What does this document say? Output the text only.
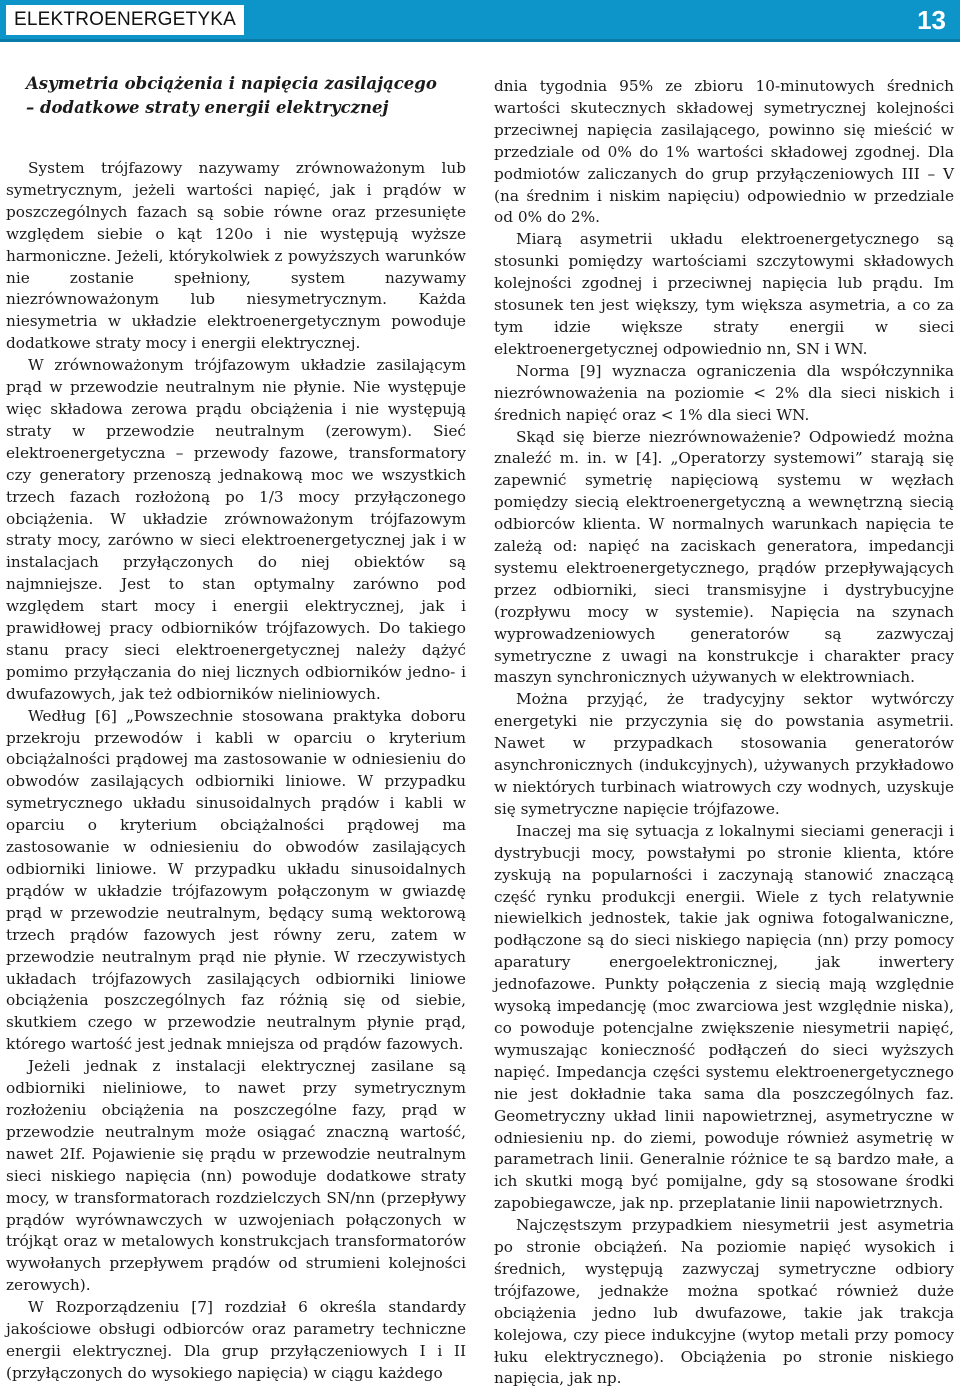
ELEKTROENERGETYKA	13
Asymetria obciążenia i napięcia zasilającego
– dodatkowe straty energii elektrycznej

System trójfazowy nazywamy zrównoważonym lub symetrycznym, jeżeli wartości napięć, jak i prądów w poszczególnych fazach są sobie równe oraz przesunięte względem siebie o kąt 120o i nie występują wyższe harmoniczne. Jeżeli, którykolwiek z powyższych warunków nie zostanie spełniony, system nazywamy niezrównoważonym lub niesymetrycznym. Każda niesymetria w układzie elektroenergetycznym powoduje dodatkowe straty mocy i energii elektrycznej.

W zrównoważonym trójfazowym układzie zasilającym prąd w przewodzie neutralnym nie płynie. Nie występuje więc składowa zerowa prądu obciążenia i nie występują straty w przewodzie neutralnym (zerowym). Sieć elektroenergetyczna – przewody fazowe, transformatory czy generatory przenoszą jednakową moc we wszystkich trzech fazach rozłożoną po 1/3 mocy przyłączonego obciążenia. W układzie zrównoważonym trójfazowym straty mocy, zarówno w sieci elektroenergetycznej jak i w instalacjach przyłączonych do niej obiektów są najmniejsze. Jest to stan optymalny zarówno pod względem start mocy i energii elektrycznej, jak i prawidłowej pracy odbiorników trójfazowych. Do takiego stanu pracy sieci elektroenergetycznej należy dążyć pomimo przyłączania do niej licznych odbiorników jedno- i dwufazowych, jak też odbiorników nieliniowych.

Według [6] „Powszechnie stosowana praktyka doboru przekroju przewodów i kabli w oparciu o kryterium obciążalności prądowej ma zastosowanie w odniesieniu do obwodów zasilających odbiorniki liniowe. W przypadku symetrycznego układu sinusoidalnych prądów i kabli w oparciu o kryterium obciążalności prądowej ma zastosowanie w odniesieniu do obwodów zasilających odbiorniki liniowe. W przypadku układu sinusoidalnych prądów w układzie trójfazowym połączonym w gwiazdę prąd w przewodzie neutralnym, będący sumą wektorową trzech prądów fazowych jest równy zeru, zatem w przewodzie neutralnym prąd nie płynie. W rzeczywistych układach trójfazowych zasilających odbiorniki liniowe obciążenia poszczególnych faz różnią się od siebie, skutkiem czego w przewodzie neutralnym płynie prąd, którego wartość jest jednak mniejsza od prądów fazowych.

Jeżeli jednak z instalacji elektrycznej zasilane są odbiorniki nieliniowe, to nawet przy symetrycznym rozłożeniu obciążenia na poszczególne fazy, prąd w przewodzie neutralnym może osiągać znaczną wartość, nawet 2If. Pojawienie się prądu w przewodzie neutralnym sieci niskiego napięcia (nn) powoduje dodatkowe straty mocy, w transformatorach rozdzielczych SN/nn (przepływy prądów wyrównawczych w uzwojeniach połączonych w trójkąt oraz w metalowych konstrukcjach transformatorów wywołanych przepływem prądów od strumieni kolejności zerowych).

W Rozporządzeniu [7] rozdział 6 określa standardy jakościowe obsługi odbiorców oraz parametry techniczne energii elektrycznej. Dla grup przyłączeniowych I i II (przyłączonych do wysokiego napięcia) w ciągu każdego

dnia tygodnia 95% ze zbioru 10-minutowych średnich wartości skutecznych składowej symetrycznej kolejności przeciwnej napięcia zasilającego, powinno się mieścić w przedziale od 0% do 1% wartości składowej zgodnej. Dla podmiotów zaliczanych do grup przyłączeniowych III – V (na średnim i niskim napięciu) odpowiednio w przedziale od 0% do 2%.

Miarą asymetrii układu elektroenergetycznego są stosunki pomiędzy wartościami szczytowymi składowych kolejności zgodnej i przeciwnej napięcia lub prądu. Im stosunek ten jest większy, tym większa asymetria, a co za tym idzie większe straty energii w sieci elektroenergetycznej odpowiednio nn, SN i WN.

Norma [9] wyznacza ograniczenia dla współczynnika niezrównoważenia na poziomie < 2% dla sieci niskich i średnich napięć oraz < 1% dla sieci WN.

Skąd się bierze niezrównoważenie? Odpowiedź można znaleźć m. in. w [4]. „Operatorzy systemowi” starają się zapewnić symetrię napięciową systemu w węzłach pomiędzy siecią elektroenergetyczną a wewnętrzną siecią odbiorców klienta. W normalnych warunkach napięcia te zależą od: napięć na zaciskach generatora, impedancji systemu elektroenergetycznego, prądów przepływających przez odbiorniki, sieci transmisyjne i dystrybucyjne (rozpływu mocy w systemie). Napięcia na szynach wyprowadzeniowych generatorów są zazwyczaj symetryczne z uwagi na konstrukcje i charakter pracy maszyn synchronicznych używanych w elektrowniach.

Można przyjąć, że tradycyjny sektor wytwórczy energetyki nie przyczynia się do powstania asymetrii. Nawet w przypadkach stosowania generatorów asynchronicznych (indukcyjnych), używanych przykładowo w niektórych turbinach wiatrowych czy wodnych, uzyskuje się symetryczne napięcie trójfazowe.

Inaczej ma się sytuacja z lokalnymi sieciami generacji i dystrybucji mocy, powstałymi po stronie klienta, które zyskują na popularności i zaczynają stanowić znaczącą część rynku produkcji energii. Wiele z tych relatywnie niewielkich jednostek, takie jak ogniwa fotogalwaniczne, podłączone są do sieci niskiego napięcia (nn) przy pomocy aparatury energoelektronicznej, jak inwertery jednofazowe. Punkty połączenia z siecią mają względnie wysoką impedancję (moc zwarciowa jest względnie niska), co powoduje potencjalne zwiększenie niesymetrii napięć, wymuszając konieczność podłączeń do sieci wyższych napięć. Impedancja części systemu elektroenergetycznego nie jest dokładnie taka sama dla poszczególnych faz. Geometryczny układ linii napowietrznej, asymetryczne w odniesieniu np. do ziemi, powoduje również asymetrię w parametrach linii. Generalnie różnice te są bardzo małe, a ich skutki mogą być pomijalne, gdy są stosowane środki zapobiegawcze, jak np. przeplatanie linii napowietrznych.

Najczęstszym przypadkiem niesymetrii jest asymetria po stronie obciążeń. Na poziomie napięć wysokich i średnich, występują zazwyczaj symetryczne odbiory trójfazowe, jednakże można spotkać również duże obciążenia jedno lub dwufazowe, takie jak trakcja kolejowa, czy piece indukcyjne (wytop metali przy pomocy łuku elektrycznego). Obciążenia po stronie niskiego napięcia, jak np.
